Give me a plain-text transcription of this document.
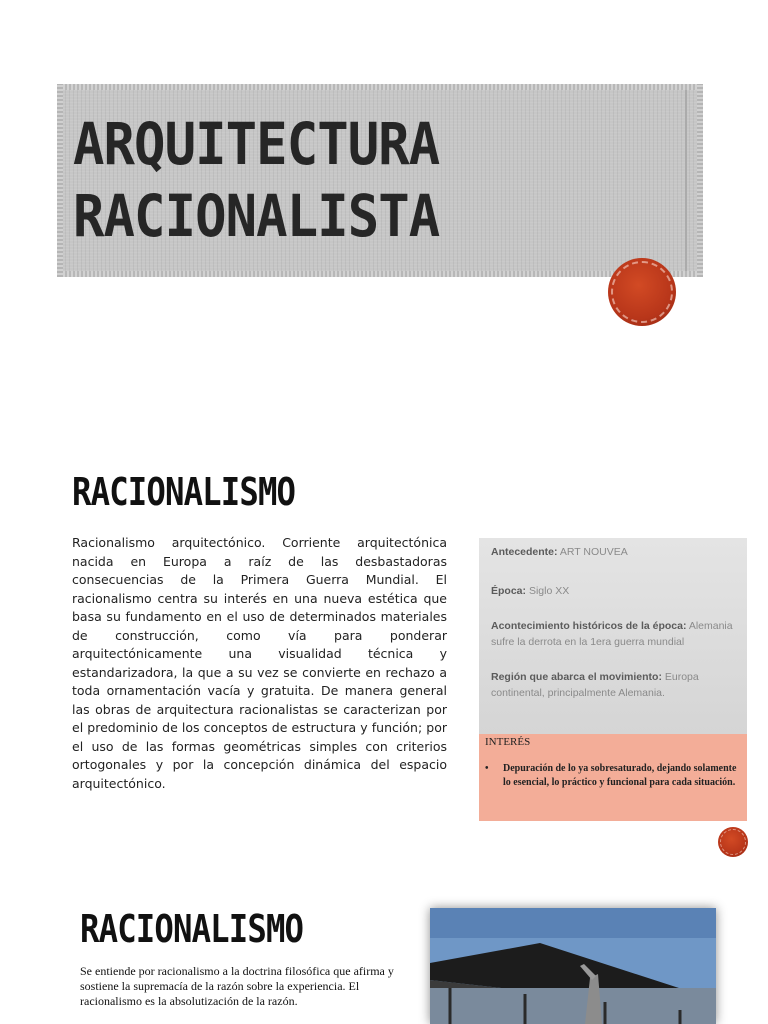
ARQUITECTURA
RACIONALISTA
RACIONALISMO

Racionalismo arquitectónico. Corriente arquitectónica nacida en Europa a raíz de las desbastadoras consecuencias de la Primera Guerra Mundial. El racionalismo centra su interés en una nueva estética que basa su fundamento en el uso de determinados materiales de construcción, como vía para ponderar arquitectónicamente una visualidad técnica y estandarizadora, la que a su vez se convierte en rechazo a toda ornamentación vacía y gratuita. De manera general las obras de arquitectura racionalistas se caracterizan por el predominio de los conceptos de estructura y función; por el uso de las formas geométricas simples con criterios ortogonales y por la concepción dinámica del espacio arquitectónico.

Antecedente: ART NOUVEA

Época: Siglo XX

Acontecimiento históricos de la época: Alemania sufre la derrota en la 1era guerra mundial

Región que abarca el movimiento: Europa continental, principalmente Alemania.

INTERÉS

• Depuración de lo ya sobresaturado, dejando solamente lo esencial, lo práctico y funcional para cada situación.
RACIONALISMO

Se entiende por racionalismo a la doctrina filosófica que afirma y sostiene la supremacía de la razón sobre la experiencia. El racionalismo es la absolutización de la razón.
